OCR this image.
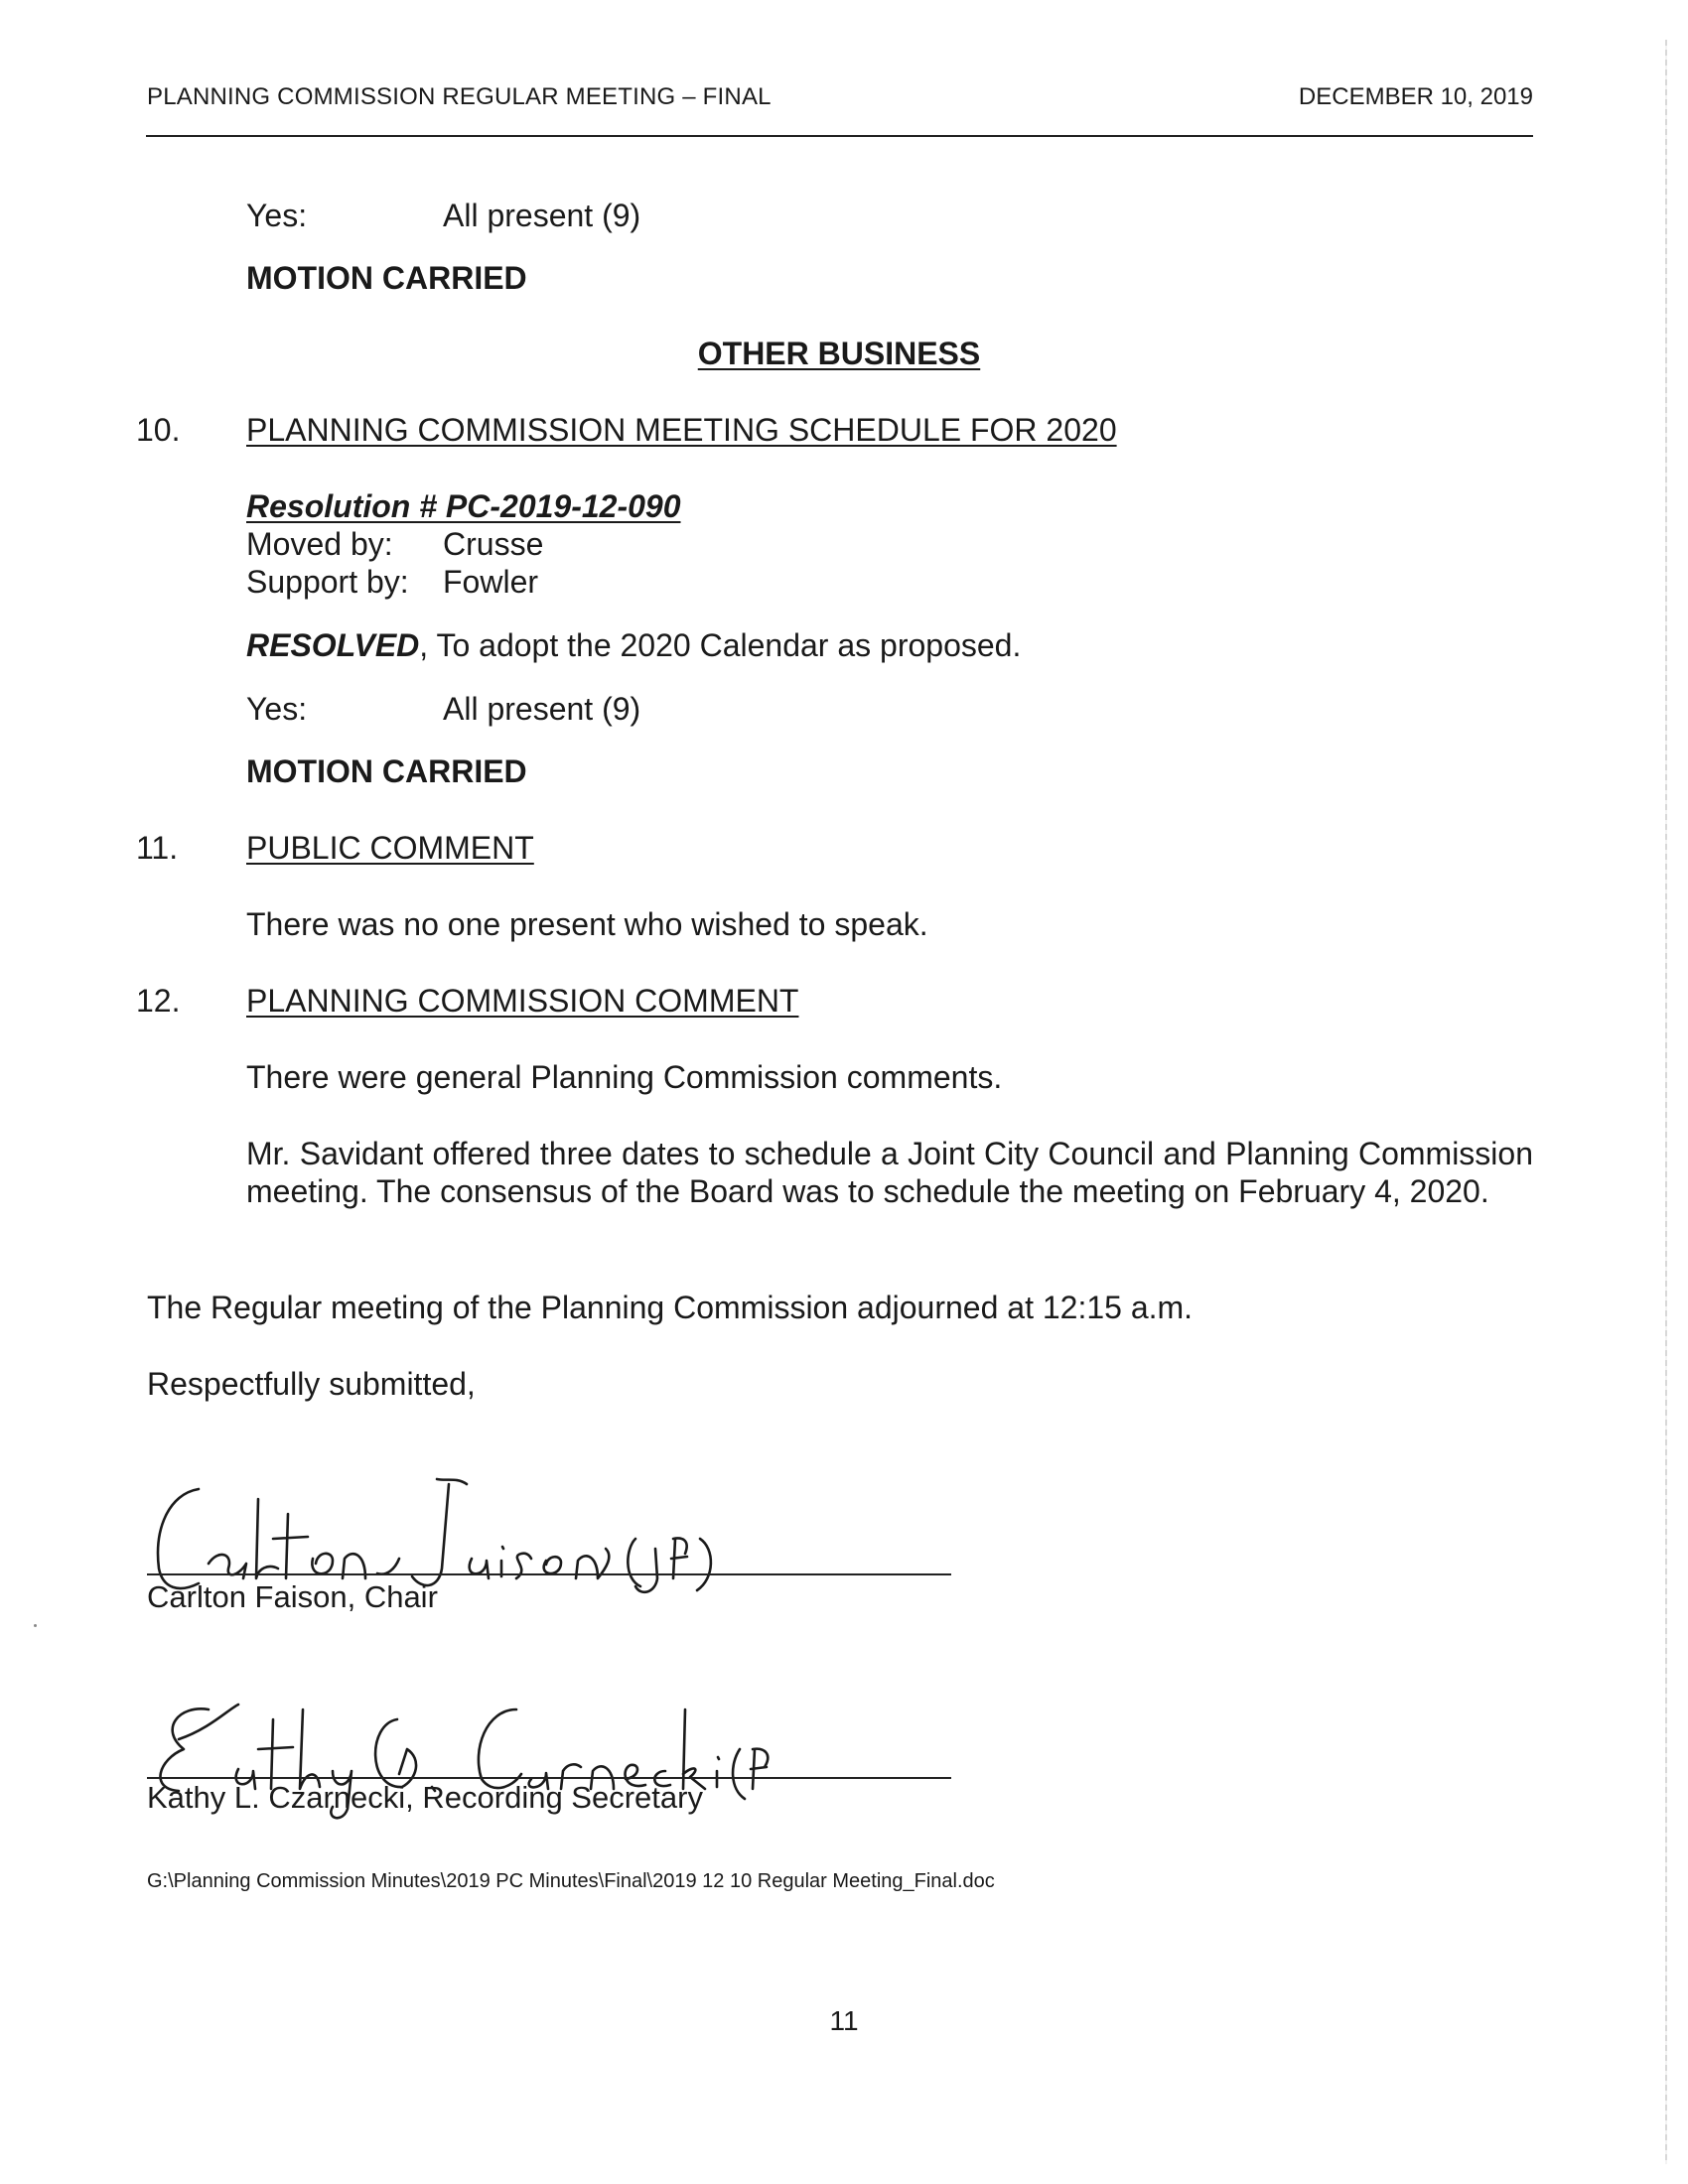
PLANNING COMMISSION REGULAR MEETING – FINAL	DECEMBER 10, 2019
Yes:	All present (9)
MOTION CARRIED
OTHER BUSINESS
10. PLANNING COMMISSION MEETING SCHEDULE FOR 2020
Resolution # PC-2019-12-090
Moved by: Crusse
Support by: Fowler
RESOLVED, To adopt the 2020 Calendar as proposed.
Yes:	All present (9)
MOTION CARRIED
11. PUBLIC COMMENT
There was no one present who wished to speak.
12. PLANNING COMMISSION COMMENT
There were general Planning Commission comments.
Mr. Savidant offered three dates to schedule a Joint City Council and Planning Commission meeting. The consensus of the Board was to schedule the meeting on February 4, 2020.
The Regular meeting of the Planning Commission adjourned at 12:15 a.m.
Respectfully submitted,
Carlton Faison, Chair
Kathy L. Czarnecki, Recording Secretary
G:\Planning Commission Minutes\2019 PC Minutes\Final\2019 12 10 Regular Meeting_Final.doc
11
